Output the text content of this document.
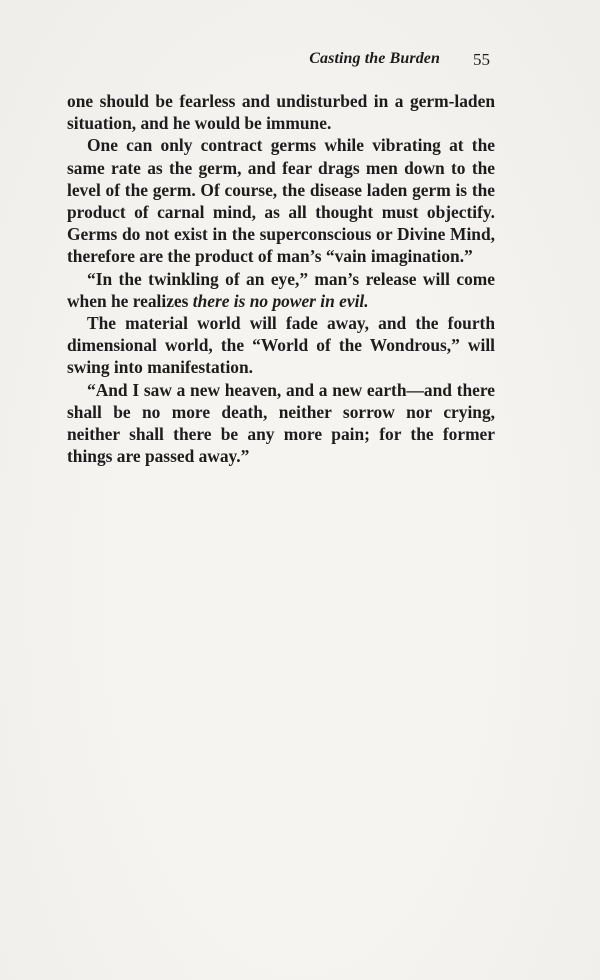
Casting the Burden 55

one should be fearless and undisturbed in a germ-laden situation, and he would be immune.

One can only contract germs while vibrating at the same rate as the germ, and fear drags men down to the level of the germ. Of course, the disease laden germ is the product of carnal mind, as all thought must objectify. Germs do not exist in the superconscious or Divine Mind, therefore are the product of man’s “vain imagination.”

“In the twinkling of an eye,” man’s release will come when he realizes there is no power in evil.

The material world will fade away, and the fourth dimensional world, the “World of the Wondrous,” will swing into manifestation.

“And I saw a new heaven, and a new earth—and there shall be no more death, neither sorrow nor crying, neither shall there be any more pain; for the former things are passed away.”
